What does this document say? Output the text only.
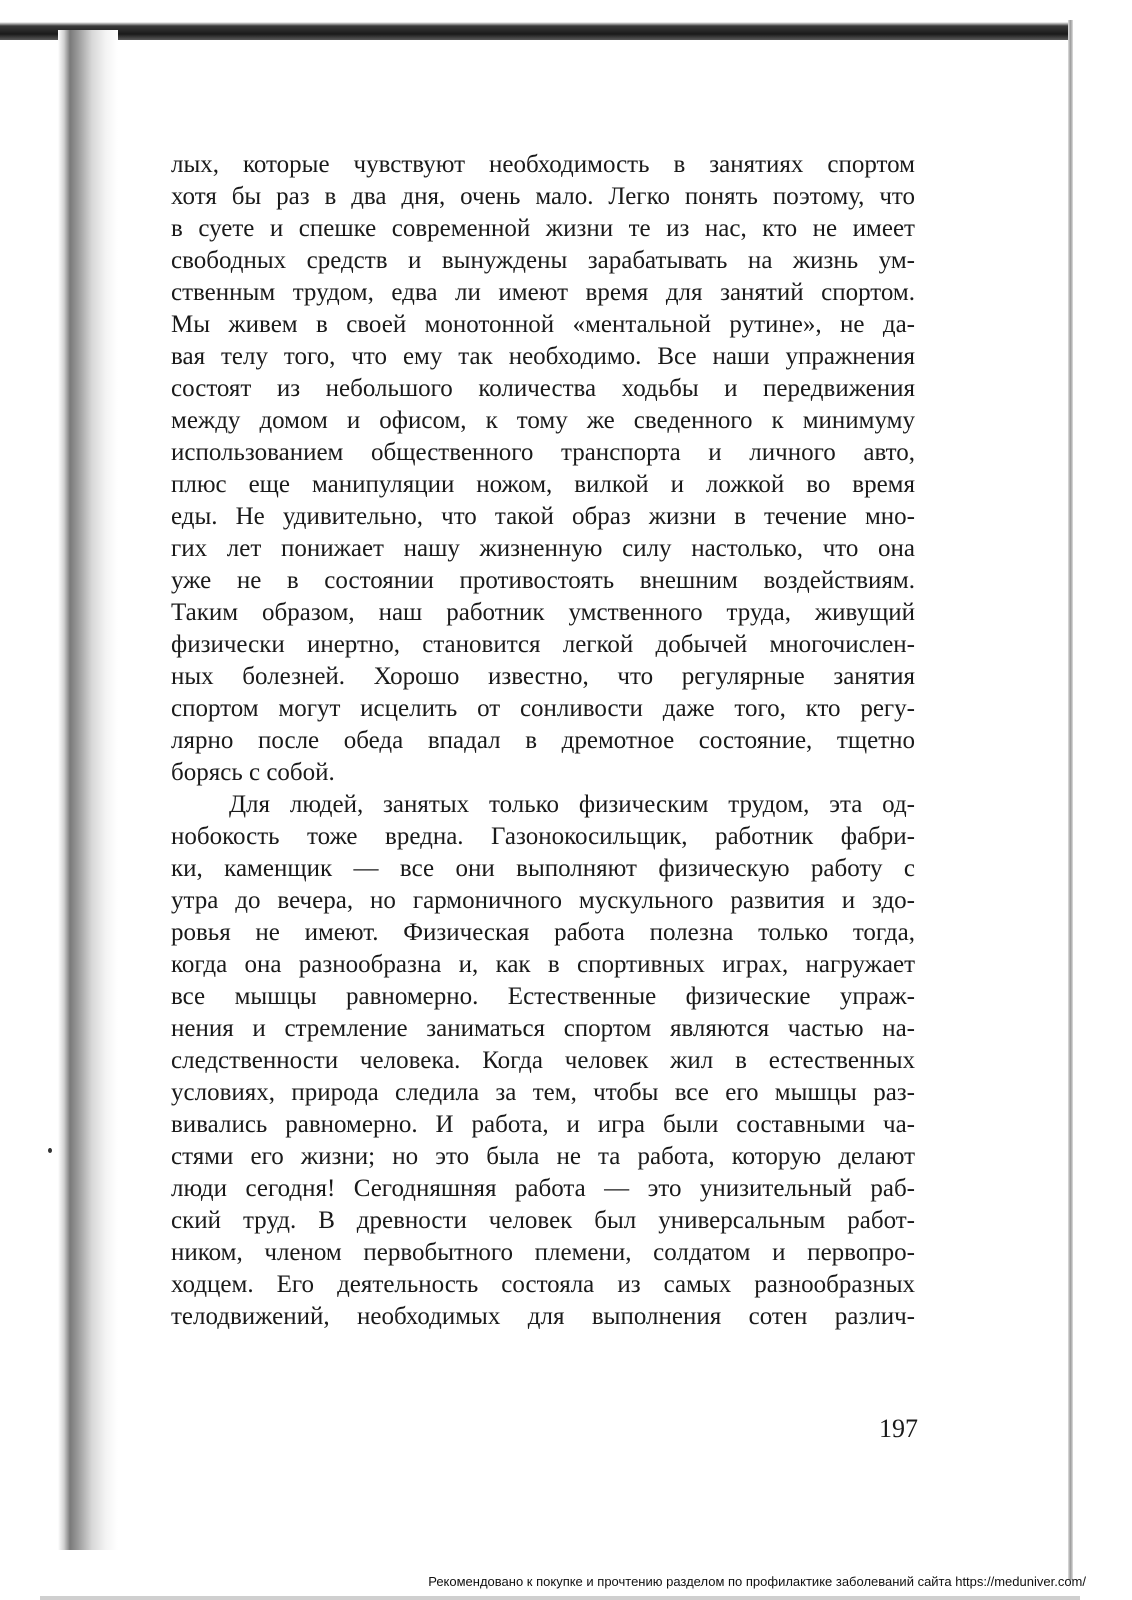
лых, которые чувствуют необходимость в занятиях спортом
хотя бы раз в два дня, очень мало. Легко понять поэтому, что
в суете и спешке современной жизни те из нас, кто не имеет
свободных средств и вынуждены зарабатывать на жизнь ум-
ственным трудом, едва ли имеют время для занятий спортом.
Мы живем в своей монотонной «ментальной рутине», не да-
вая телу того, что ему так необходимо. Все наши упражнения
состоят из небольшого количества ходьбы и передвижения
между домом и офисом, к тому же сведенного к минимуму
использованием общественного транспорта и личного авто,
плюс еще манипуляции ножом, вилкой и ложкой во время
еды. Не удивительно, что такой образ жизни в течение мно-
гих лет понижает нашу жизненную силу настолько, что она
уже не в состоянии противостоять внешним воздействиям.
Таким образом, наш работник умственного труда, живущий
физически инертно, становится легкой добычей многочислен-
ных болезней. Хорошо известно, что регулярные занятия
спортом могут исцелить от сонливости даже того, кто регу-
лярно после обеда впадал в дремотное состояние, тщетно
борясь с собой.
Для людей, занятых только физическим трудом, эта од-
нобокость тоже вредна. Газонокосильщик, работник фабри-
ки, каменщик — все они выполняют физическую работу с
утра до вечера, но гармоничного мускульного развития и здо-
ровья не имеют. Физическая работа полезна только тогда,
когда она разнообразна и, как в спортивных играх, нагружает
все мышцы равномерно. Естественные физические упраж-
нения и стремление заниматься спортом являются частью на-
следственности человека. Когда человек жил в естественных
условиях, природа следила за тем, чтобы все его мышцы раз-
вивались равномерно. И работа, и игра были составными ча-
стями его жизни; но это была не та работа, которую делают
люди сегодня! Сегодняшняя работа — это унизительный раб-
ский труд. В древности человек был универсальным работ-
ником, членом первобытного племени, солдатом и первопро-
ходцем. Его деятельность состояла из самых разнообразных
телодвижений, необходимых для выполнения сотен различ-
197
Рекомендовано к покупке и прочтению разделом по профилактике заболеваний сайта https://meduniver.com/
